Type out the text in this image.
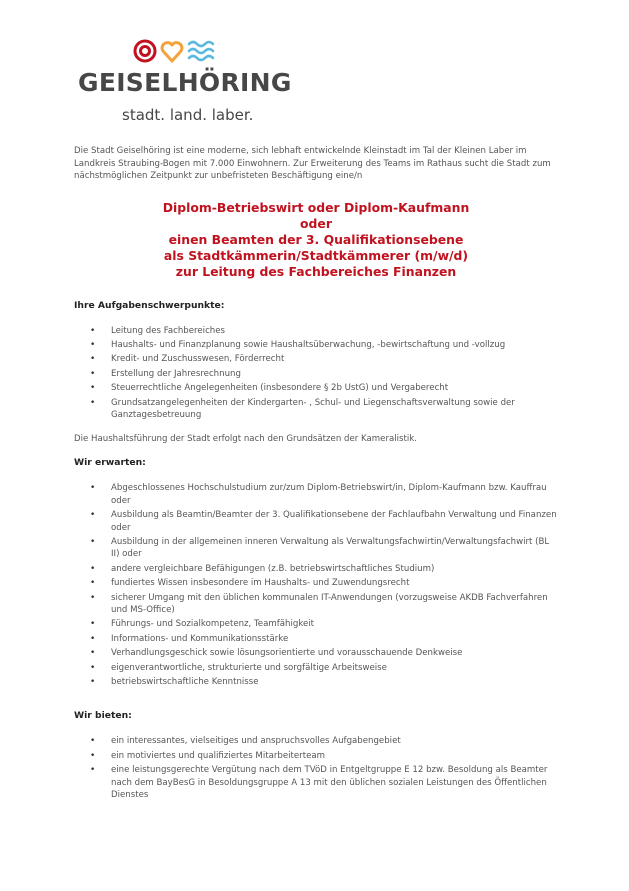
GEISELHÖRING
stadt. land. laber.

Die Stadt Geiselhöring ist eine moderne, sich lebhaft entwickelnde Kleinstadt im Tal der Kleinen Laber im Landkreis Straubing-Bogen mit 7.000 Einwohnern. Zur Erweiterung des Teams im Rathaus sucht die Stadt zum nächstmöglichen Zeitpunkt zur unbefristeten Beschäftigung eine/n

Diplom-Betriebswirt oder Diplom-Kaufmann
oder
einen Beamten der 3. Qualifikationsebene
als Stadtkämmerin/Stadtkämmerer (m/w/d)
zur Leitung des Fachbereiches Finanzen

Ihre Aufgabenschwerpunkte:

• Leitung des Fachbereiches
• Haushalts- und Finanzplanung sowie Haushaltsüberwachung, -bewirtschaftung und -vollzug
• Kredit- und Zuschusswesen, Förderrecht
• Erstellung der Jahresrechnung
• Steuerrechtliche Angelegenheiten (insbesondere § 2b UstG) und Vergaberecht
• Grundsatzangelegenheiten der Kindergarten- , Schul- und Liegenschaftsverwaltung sowie der Ganztagesbetreuung

Die Haushaltsführung der Stadt erfolgt nach den Grundsätzen der Kameralistik.

Wir erwarten:

• Abgeschlossenes Hochschulstudium zur/zum Diplom-Betriebswirt/in, Diplom-Kaufmann bzw. Kauffrau oder
• Ausbildung als Beamtin/Beamter der 3. Qualifikationsebene der Fachlaufbahn Verwaltung und Finanzen oder
• Ausbildung in der allgemeinen inneren Verwaltung als Verwaltungsfachwirtin/Verwaltungsfachwirt (BL II) oder
• andere vergleichbare Befähigungen (z.B. betriebswirtschaftliches Studium)
• fundiertes Wissen insbesondere im Haushalts- und Zuwendungsrecht
• sicherer Umgang mit den üblichen kommunalen IT-Anwendungen (vorzugsweise AKDB Fachverfahren und MS-Office)
• Führungs- und Sozialkompetenz, Teamfähigkeit
• Informations- und Kommunikationsstärke
• Verhandlungsgeschick sowie lösungsorientierte und vorausschauende Denkweise
• eigenverantwortliche, strukturierte und sorgfältige Arbeitsweise
• betriebswirtschaftliche Kenntnisse

Wir bieten:

• ein interessantes, vielseitiges und anspruchsvolles Aufgabengebiet
• ein motiviertes und qualifiziertes Mitarbeiterteam
• eine leistungsgerechte Vergütung nach dem TVöD in Entgeltgruppe E 12 bzw. Besoldung als Beamter nach dem BayBesG in Besoldungsgruppe A 13 mit den üblichen sozialen Leistungen des Öffentlichen Dienstes
